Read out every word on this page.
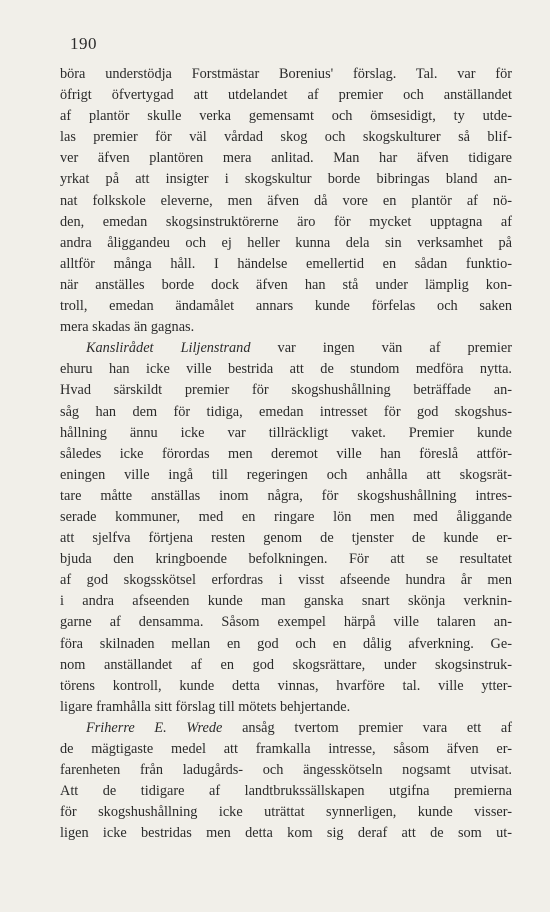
190
böra understödja Forstmästar Borenius' förslag. Tal. var för
öfrigt öfvertygad att utdelandet af premier och anställandet
af plantör skulle verka gemensamt och ömsesidigt, ty utde-
las premier för väl vårdad skog och skogskulturer så blif-
ver äfven plantören mera anlitad. Man har äfven tidigare
yrkat på att insigter i skogskultur borde bibringas bland an-
nat folkskole eleverne, men äfven då vore en plantör af nö-
den, emedan skogsinstruktörerne äro för mycket upptagna af
andra åliggandeu och ej heller kunna dela sin verksamhet på
alltför många håll. I händelse emellertid en sådan funktio-
när anställes borde dock äfven han stå under lämplig kon-
troll, emedan ändamålet annars kunde förfelas och saken
mera skadas än gagnas.
Kanslirådet Liljenstrand var ingen vän af premier
ehuru han icke ville bestrida att de stundom medföra nytta.
Hvad särskildt premier för skogshushållning beträffade an-
såg han dem för tidiga, emedan intresset för god skogshus-
hållning ännu icke var tillräckligt vaket. Premier kunde
således icke förordas men deremot ville han föreslå attför-
eningen ville ingå till regeringen och anhålla att skogsrät-
tare måtte anställas inom några, för skogshushållning intres-
serade kommuner, med en ringare lön men med åliggande
att sjelfva förtjena resten genom de tjenster de kunde er-
bjuda den kringboende befolkningen. För att se resultatet
af god skogsskötsel erfordras i visst afseende hundra år men
i andra afseenden kunde man ganska snart skönja verknin-
garne af densamma. Såsom exempel härpå ville talaren an-
föra skilnaden mellan en god och en dålig afverkning. Ge-
nom anställandet af en god skogsrättare, under skogsinstruk-
törens kontroll, kunde detta vinnas, hvarföre tal. ville ytter-
ligare framhålla sitt förslag till mötets behjertande.
Friherre E. Wrede ansåg tvertom premier vara ett af
de mägtigaste medel att framkalla intresse, såsom äfven er-
farenheten från ladugårds- och ängesskötseln nogsamt utvisat.
Att de tidigare af landtbrukssällskapen utgifna premierna
för skogshushållning icke uträttat synnerligen, kunde visser-
ligen icke bestridas men detta kom sig deraf att de som ut-
